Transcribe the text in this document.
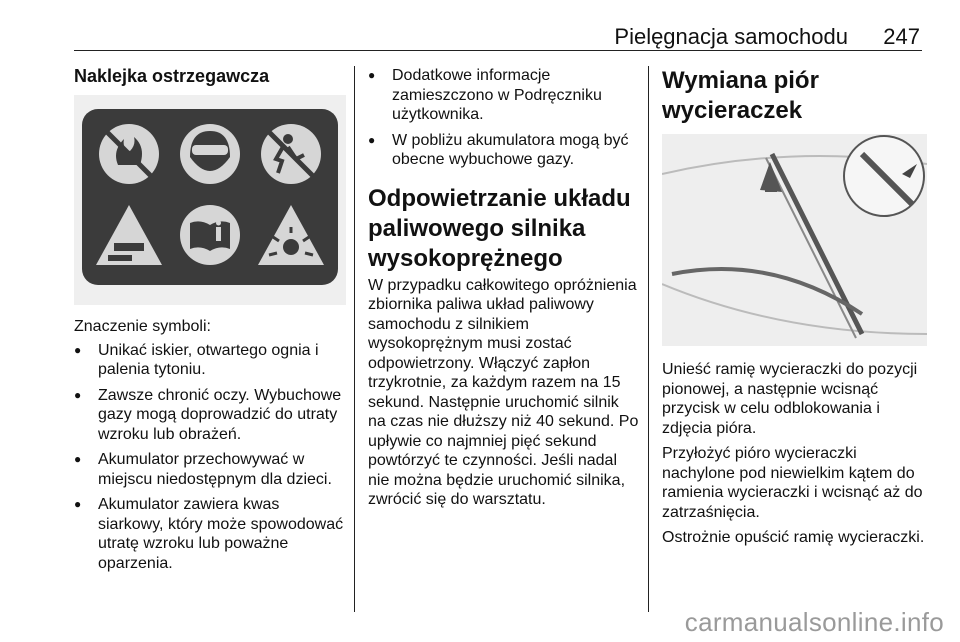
Pielęgnacja samochodu 247
Naklejka ostrzegawcza

Znaczenie symboli:

● Unikać iskier, otwartego ognia i palenia tytoniu.
● Zawsze chronić oczy. Wybuchowe gazy mogą doprowadzić do utraty wzroku lub obrażeń.
● Akumulator przechowywać w miejscu niedostępnym dla dzieci.
● Akumulator zawiera kwas siarkowy, który może spowodować utratę wzroku lub poważne oparzenia.
● Dodatkowe informacje zamieszczono w Podręczniku użytkownika.
● W pobliżu akumulatora mogą być obecne wybuchowe gazy.
Odpowietrzanie układu paliwowego silnika wysokoprężnego

W przypadku całkowitego opróżnienia zbiornika paliwa układ paliwowy samochodu z silnikiem wysokoprężnym musi zostać odpowietrzony. Włączyć zapłon trzykrotnie, za każdym razem na 15 sekund. Następnie uruchomić silnik na czas nie dłuższy niż 40 sekund. Po upływie co najmniej pięć sekund powtórzyć te czynności. Jeśli nadal nie można będzie uruchomić silnika, zwrócić się do warsztatu.

Wymiana piór wycieraczek

Unieść ramię wycieraczki do pozycji pionowej, a następnie wcisnąć przycisk w celu odblokowania i zdjęcia pióra.

Przyłożyć pióro wycieraczki nachylone pod niewielkim kątem do ramienia wycieraczki i wcisnąć aż do zatrzaśnięcia.

Ostrożnie opuścić ramię wycieraczki.

carmanualsonline.info
